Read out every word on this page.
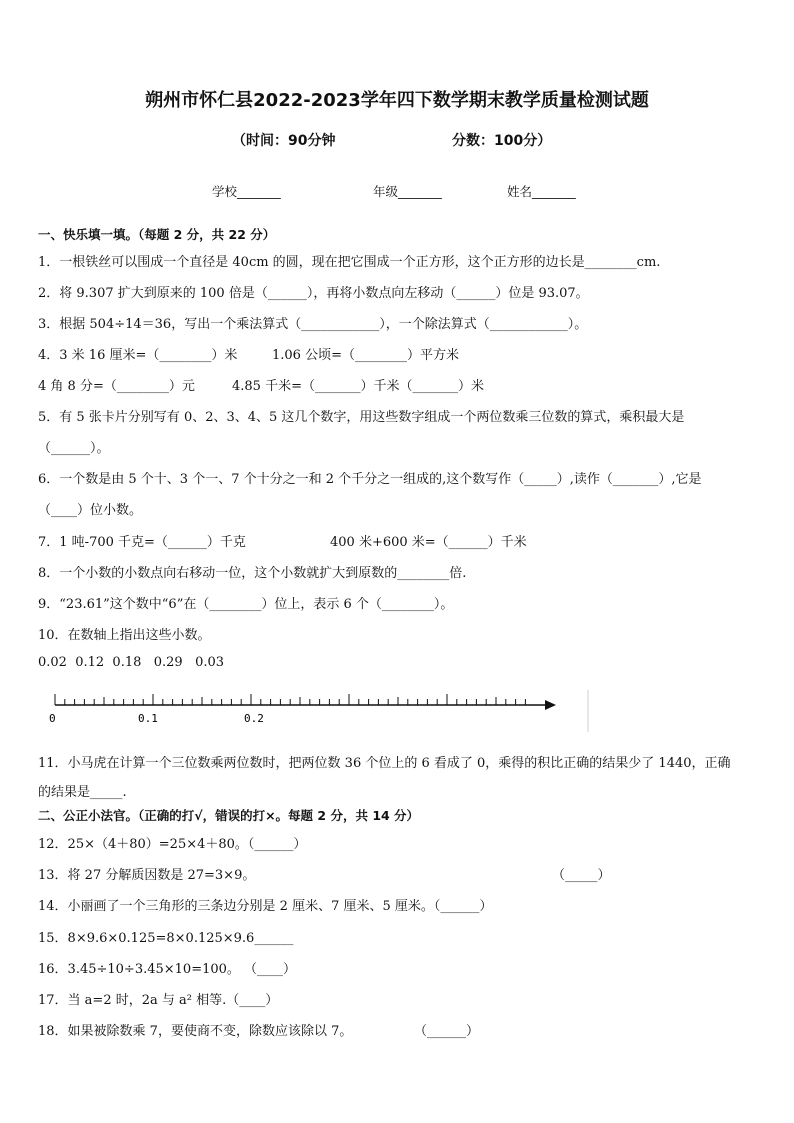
朔州市怀仁县2022-2023学年四下数学期末教学质量检测试题
（时间：90分钟	分数：100分）
学校_______	年级_______	姓名_______
一、快乐填一填。（每题 2 分，共 22 分）
1．一根铁丝可以围成一个直径是 40cm 的圆，现在把它围成一个正方形，这个正方形的边长是________cm.
2．将 9.307 扩大到原来的 100 倍是（______），再将小数点向左移动（______）位是 93.07。
3．根据 504÷14＝36，写出一个乘法算式（____________），一个除法算式（____________）。
4．3 米 16 厘米=（________）米	1.06 公顷=（________）平方米
4 角 8 分=（________）元	4.85 千米=（_______）千米（_______）米
5．有 5 张卡片分别写有 0、2、3、4、5 这几个数字，用这些数字组成一个两位数乘三位数的算式，乘积最大是
（______）。
6．一个数是由 5 个十、3 个一、7 个十分之一和 2 个千分之一组成的,这个数写作（_____）,读作（_______）,它是
（____）位小数。
7．1 吨-700 千克=（______）千克	400 米+600 米=（______）千米
8．一个小数的小数点向右移动一位，这个小数就扩大到原数的________倍.
9．“23.61”这个数中“6”在（________）位上，表示 6 个（________）。
10．在数轴上指出这些小数。
0.02  0.12  0.18   0.29   0.03
0	0.1	0.2
11．小马虎在计算一个三位数乘两位数时，把两位数 36 个位上的 6 看成了 0，乘得的积比正确的结果少了 1440，正确
的结果是_____.
二、公正小法官。（正确的打√，错误的打×。每题 2 分，共 14 分）
12．25×（4＋80）=25×4＋80。（______）
13．将 27 分解质因数是 27=3×9。	（_____）
14．小丽画了一个三角形的三条边分别是 2 厘米、7 厘米、5 厘米。（______）
15．8×9.6×0.125=8×0.125×9.6______
16．3.45÷10÷3.45×10=100。 （____）
17．当 a=2 时，2a 与 a² 相等.（____）
18．如果被除数乘 7，要使商不变，除数应该除以 7。	（______）
